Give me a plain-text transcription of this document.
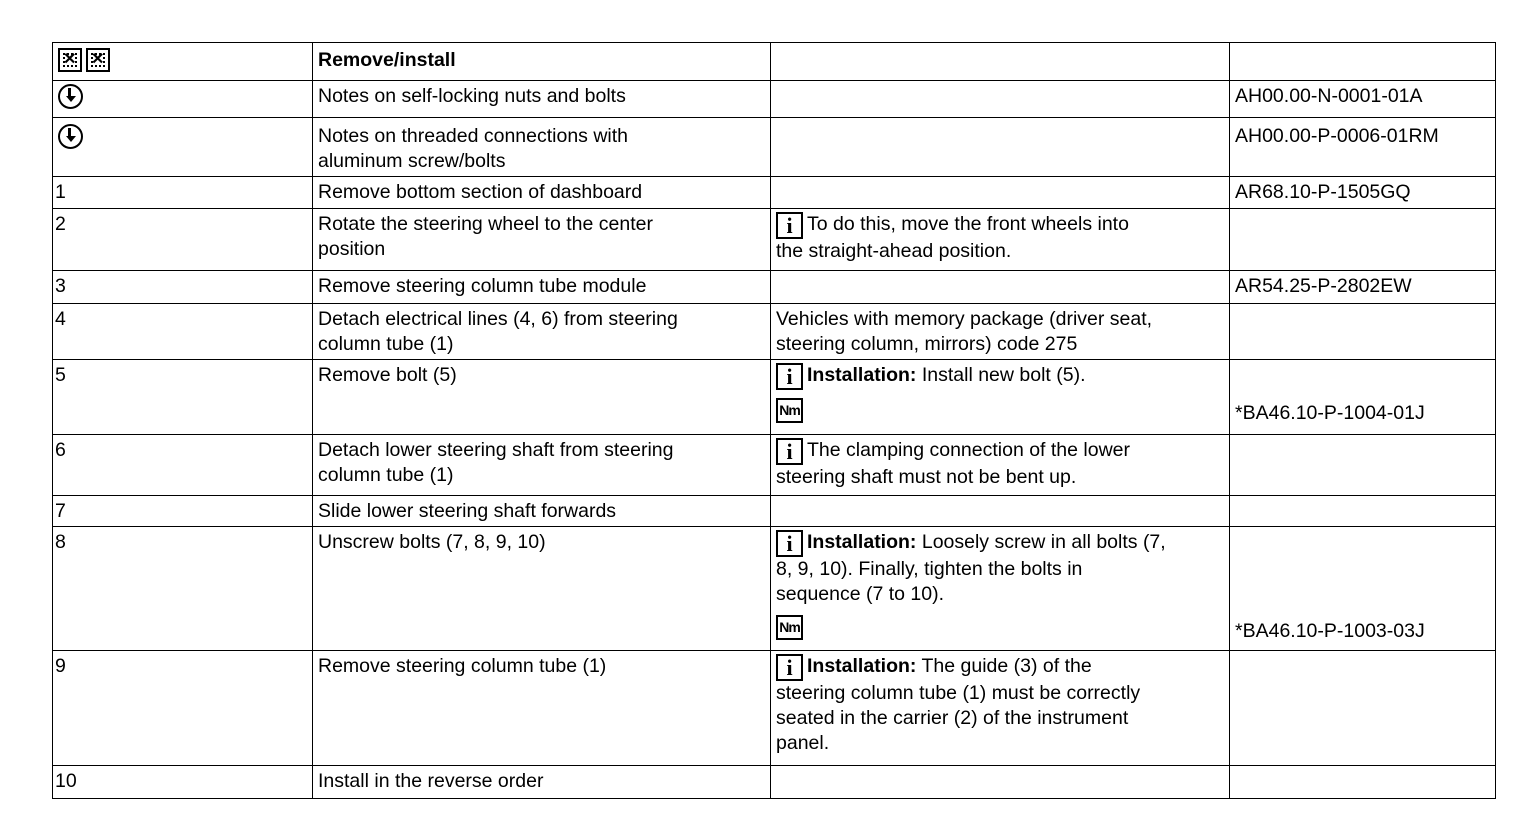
✕✕	Remove/install		
	Notes on self-locking nuts and bolts		AH00.00-N-0001-01A

	Notes on threaded connections with
aluminum screw/bolts		AH00.00-P-0006-01RM
1	Remove bottom section of dashboard		AR68.10-P-1505GQ
2	Rotate the steering wheel to the center
position	i To do this, move the front wheels into
the straight-ahead position.	

3	Remove steering column tube module		AR54.25-P-2802EW
4	Detach electrical lines (4, 6) from steering
column tube (1)	Vehicles with memory package (driver seat,
steering column, mirrors) code 275	

5	Remove bolt (5)	i Installation: Install new bolt (5).
Nm	*BA46.10-P-1004-01J
6	Detach lower steering shaft from steering
column tube (1)	i The clamping connection of the lower
steering shaft must not be bent up.	

7	Slide lower steering shaft forwards		
8	Unscrew bolts (7, 8, 9, 10)	i Installation: Loosely screw in all bolts (7,
8, 9, 10). Finally, tighten the bolts in
sequence (7 to 10).
Nm	*BA46.10-P-1003-03J
9	Remove steering column tube (1)	i Installation: The guide (3) of the
steering column tube (1) must be correctly
seated in the carrier (2) of the instrument
panel.	

10	Install in the reverse order		
